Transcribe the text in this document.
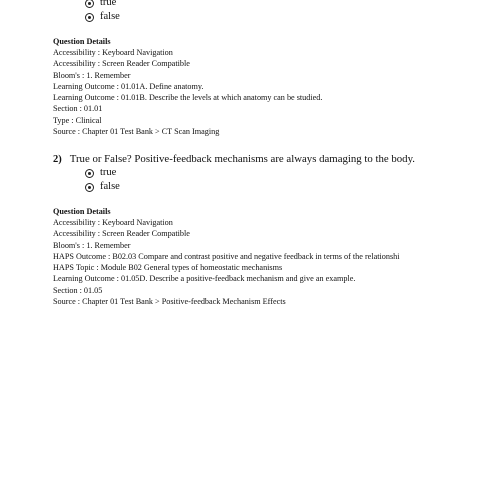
true
false
Question Details
Accessibility : Keyboard Navigation
Accessibility : Screen Reader Compatible
Bloom's : 1. Remember
Learning Outcome : 01.01A. Define anatomy.
Learning Outcome : 01.01B. Describe the levels at which anatomy can be studied.
Section : 01.01
Type : Clinical
Source : Chapter 01 Test Bank > CT Scan Imaging
2) True or False? Positive-feedback mechanisms are always damaging to the body.
true
false
Question Details
Accessibility : Keyboard Navigation
Accessibility : Screen Reader Compatible
Bloom's : 1. Remember
HAPS Outcome : B02.03 Compare and contrast positive and negative feedback in terms of the relationshi
HAPS Topic : Module B02 General types of homeostatic mechanisms
Learning Outcome : 01.05D. Describe a positive-feedback mechanism and give an example.
Section : 01.05
Source : Chapter 01 Test Bank > Positive-feedback Mechanism Effects
